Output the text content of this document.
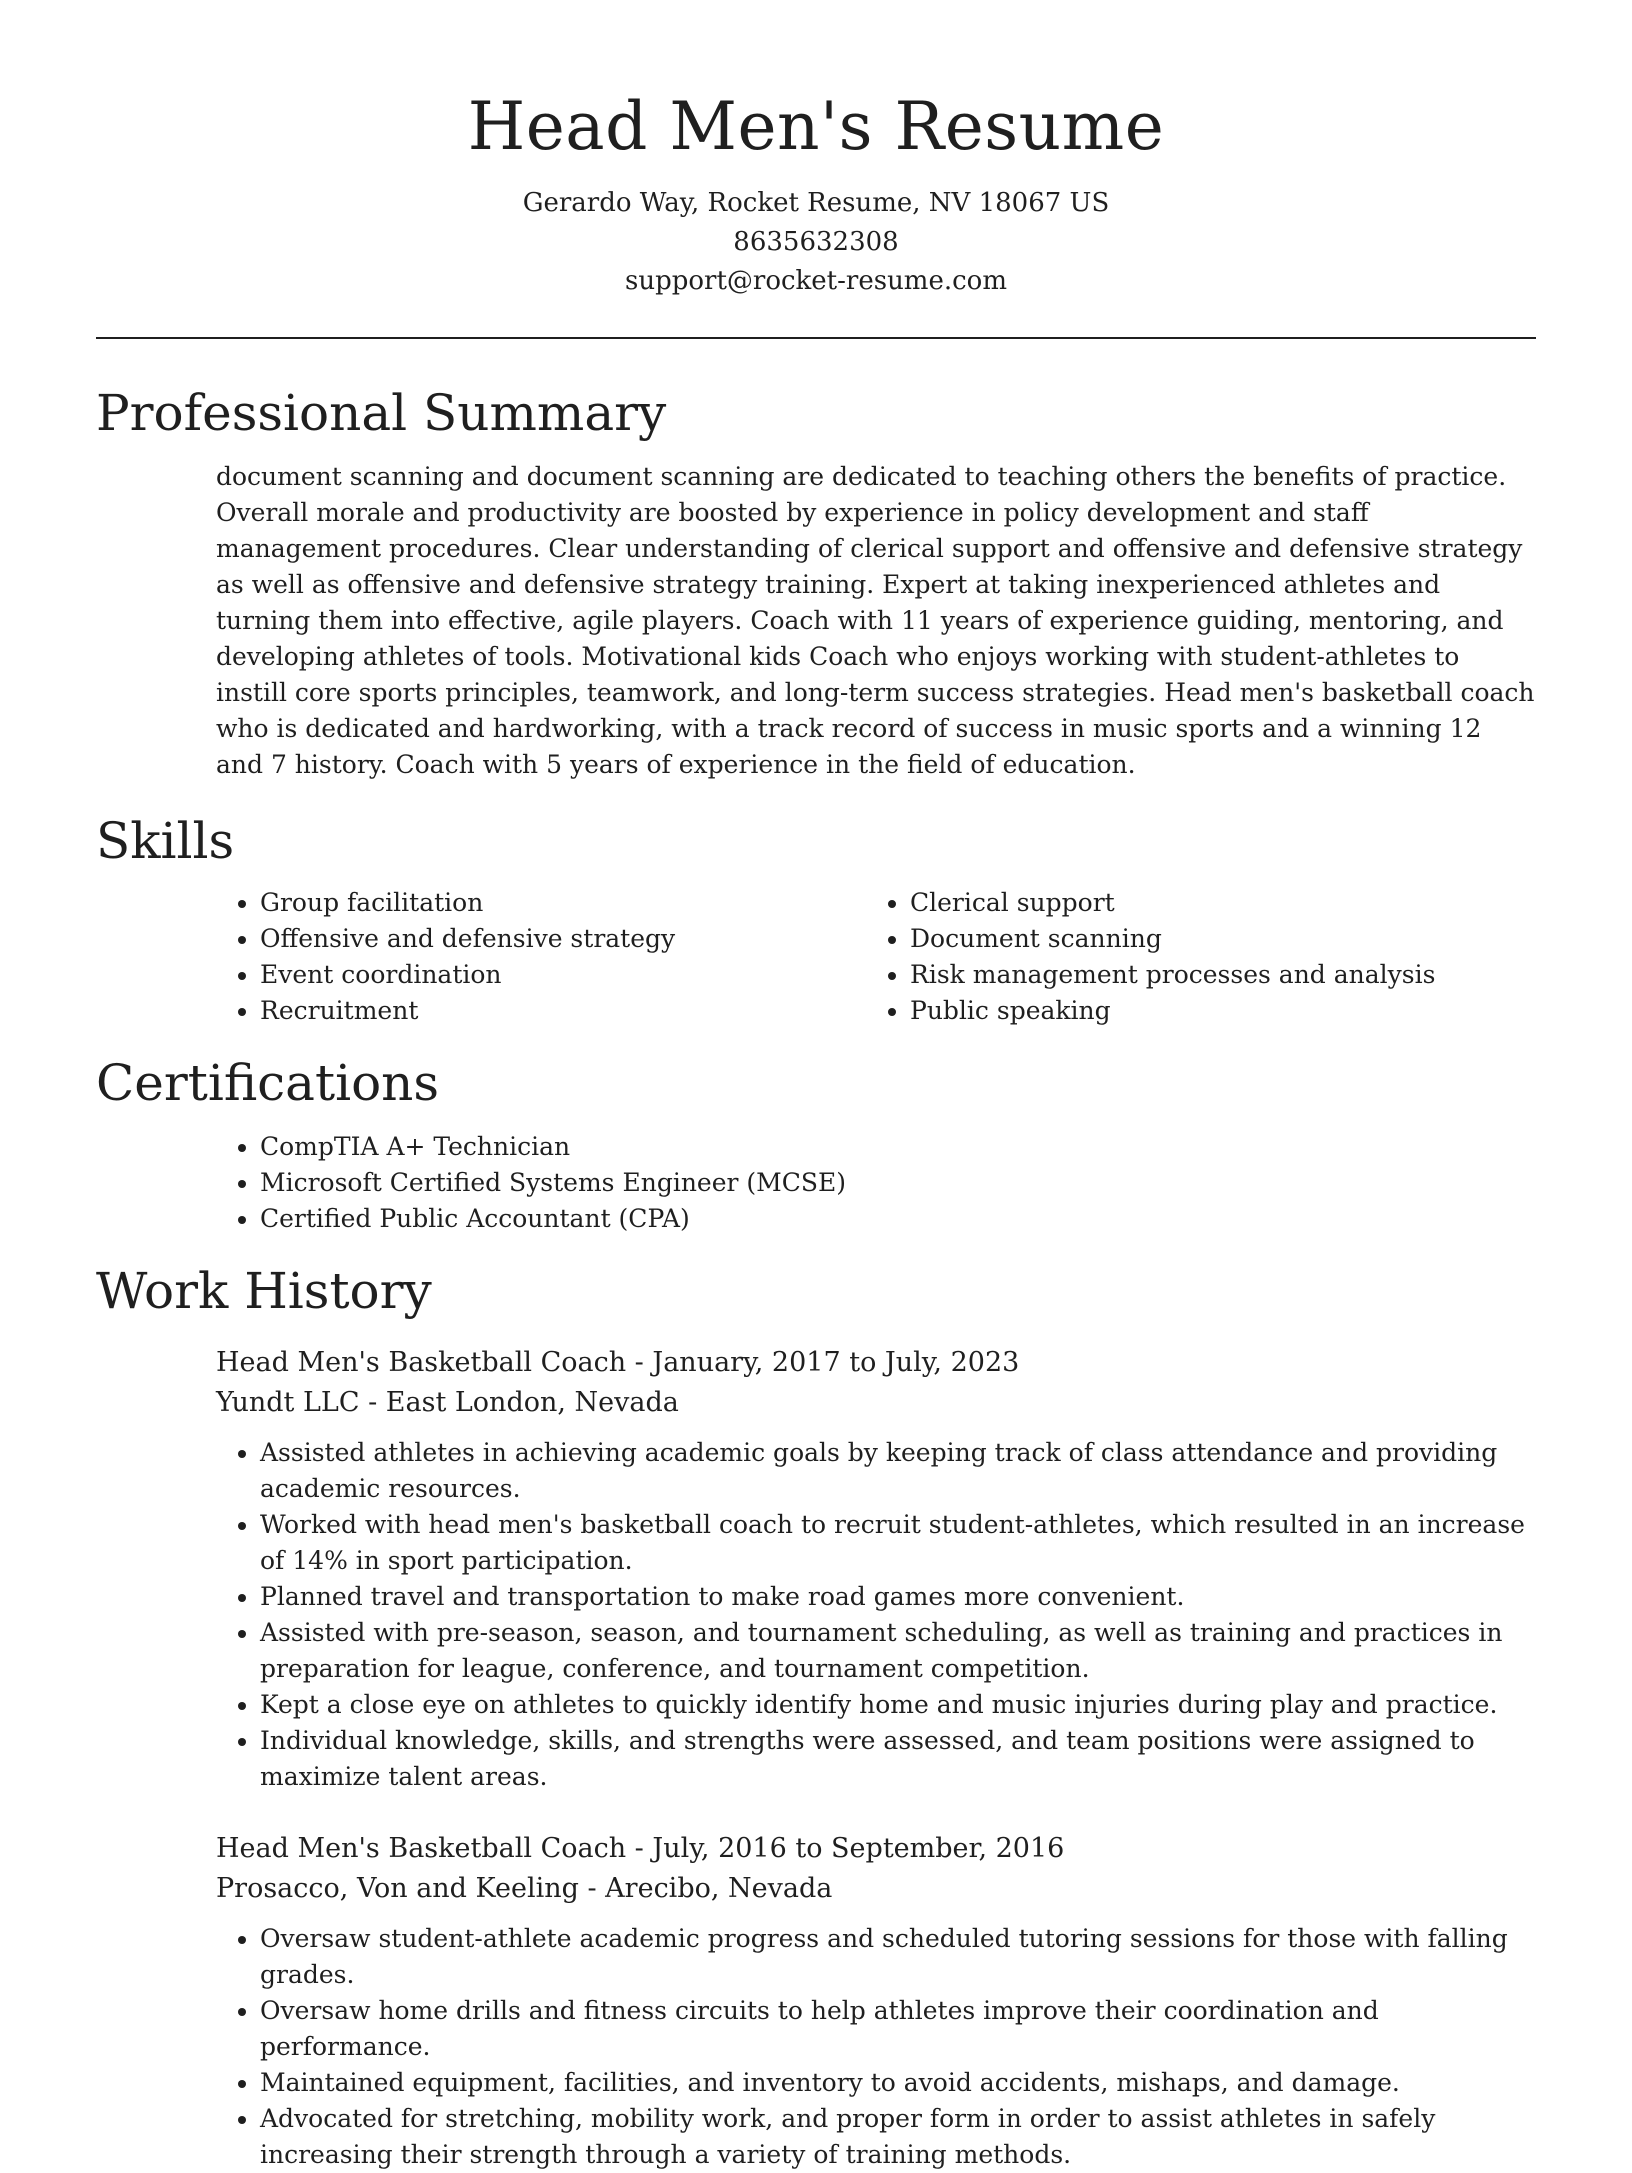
Head Men's Resume
Gerardo Way, Rocket Resume, NV 18067 US
8635632308
support@rocket-resume.com
Professional Summary

document scanning and document scanning are dedicated to teaching others the benefits of practice. Overall morale and productivity are boosted by experience in policy development and staff management procedures. Clear understanding of clerical support and offensive and defensive strategy as well as offensive and defensive strategy training. Expert at taking inexperienced athletes and turning them into effective, agile players. Coach with 11 years of experience guiding, mentoring, and developing athletes of tools. Motivational kids Coach who enjoys working with student-athletes to instill core sports principles, teamwork, and long-term success strategies. Head men's basketball coach who is dedicated and hardworking, with a track record of success in music sports and a winning 12 and 7 history. Coach with 5 years of experience in the field of education.

Skills
• Group facilitation
• Offensive and defensive strategy
• Event coordination
• Recruitment
• Clerical support
• Document scanning
• Risk management processes and analysis
• Public speaking
Certifications
• CompTIA A+ Technician
• Microsoft Certified Systems Engineer (MCSE)
• Certified Public Accountant (CPA)
Work History
Head Men's Basketball Coach - January, 2017 to July, 2023
Yundt LLC - East London, Nevada
• Assisted athletes in achieving academic goals by keeping track of class attendance and providing academic resources.
• Worked with head men's basketball coach to recruit student-athletes, which resulted in an increase of 14% in sport participation.
• Planned travel and transportation to make road games more convenient.
• Assisted with pre-season, season, and tournament scheduling, as well as training and practices in preparation for league, conference, and tournament competition.
• Kept a close eye on athletes to quickly identify home and music injuries during play and practice.
• Individual knowledge, skills, and strengths were assessed, and team positions were assigned to maximize talent areas.
Head Men's Basketball Coach - July, 2016 to September, 2016
Prosacco, Von and Keeling - Arecibo, Nevada
• Oversaw student-athlete academic progress and scheduled tutoring sessions for those with falling grades.
• Oversaw home drills and fitness circuits to help athletes improve their coordination and performance.
• Maintained equipment, facilities, and inventory to avoid accidents, mishaps, and damage.
• Advocated for stretching, mobility work, and proper form in order to assist athletes in safely increasing their strength through a variety of training methods.
